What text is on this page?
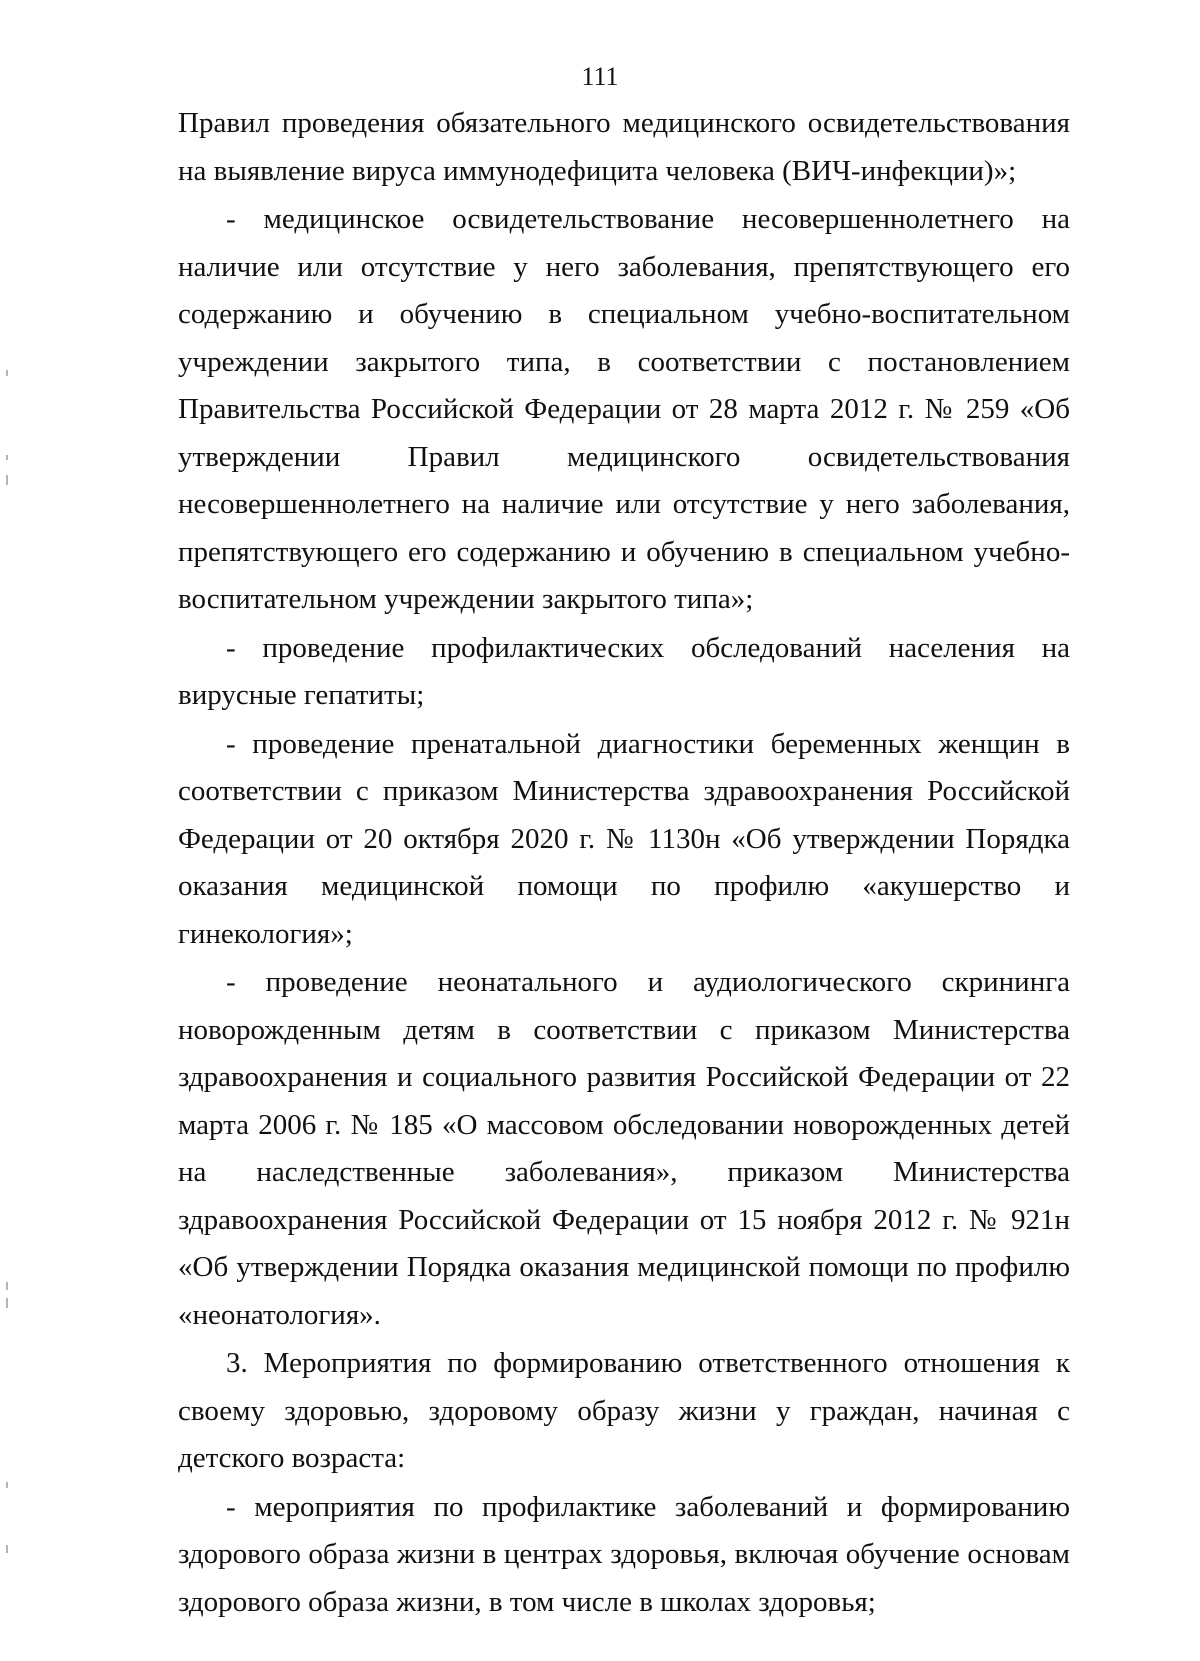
111

Правил проведения обязательного медицинского освидетельствования на выявление вируса иммунодефицита человека (ВИЧ-инфекции)»;

- медицинское освидетельствование несовершеннолетнего на наличие или отсутствие у него заболевания, препятствующего его содержанию и обучению в специальном учебно-воспитательном учреждении закрытого типа, в соответствии с постановлением Правительства Российской Федерации от 28 марта 2012 г. № 259 «Об утверждении Правил медицинского освидетельствования несовершеннолетнего на наличие или отсутствие у него заболевания, препятствующего его содержанию и обучению в специальном учебно-воспитательном учреждении закрытого типа»;

- проведение профилактических обследований населения на вирусные гепатиты;

- проведение пренатальной диагностики беременных женщин в соответствии с приказом Министерства здравоохранения Российской Федерации от 20 октября 2020 г. № 1130н «Об утверждении Порядка оказания медицинской помощи по профилю «акушерство и гинекология»;

- проведение неонатального и аудиологического скрининга новорожденным детям в соответствии с приказом Министерства здравоохранения и социального развития Российской Федерации от 22 марта 2006 г. № 185 «О массовом обследовании новорожденных детей на наследственные заболевания», приказом Министерства здравоохранения Российской Федерации от 15 ноября 2012 г. № 921н «Об утверждении Порядка оказания медицинской помощи по профилю «неонатология».

3. Мероприятия по формированию ответственного отношения к своему здоровью, здоровому образу жизни у граждан, начиная с детского возраста:

- мероприятия по профилактике заболеваний и формированию здорового образа жизни в центрах здоровья, включая обучение основам здорового образа жизни, в том числе в школах здоровья;
